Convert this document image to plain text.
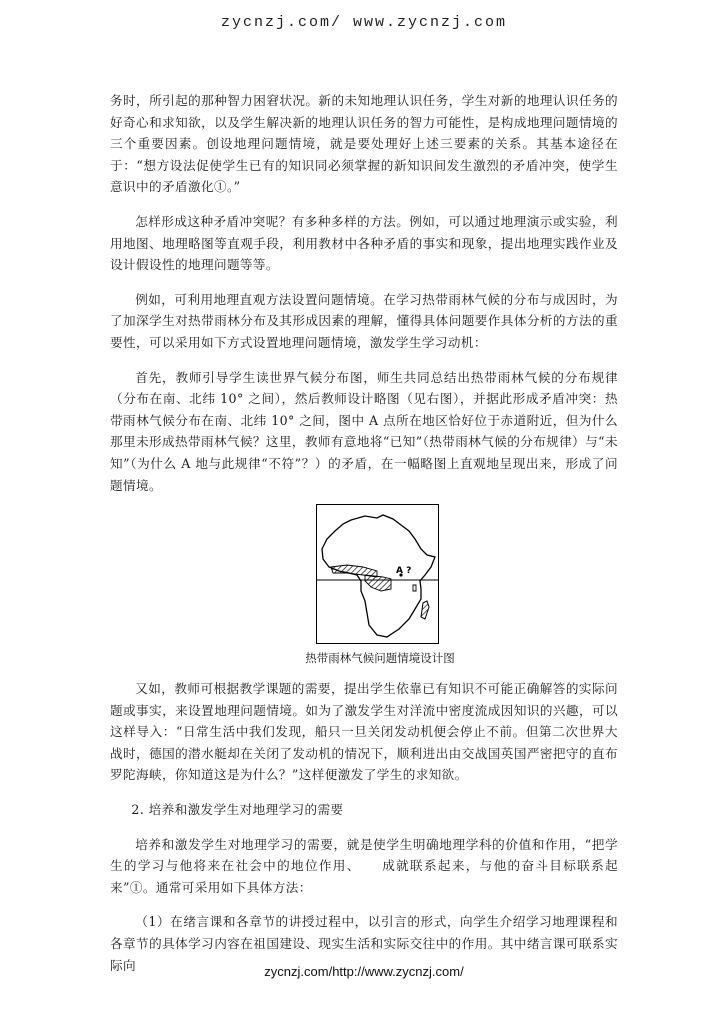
zycnzj.com/ www.zycnzj.com

务时，所引起的那种智力困窘状况。新的未知地理认识任务，学生对新的地理认识任务的好奇心和求知欲，以及学生解决新的地理认识任务的智力可能性，是构成地理问题情境的三个重要因素。创设地理问题情境，就是要处理好上述三要素的关系。其基本途径在于：“想方设法促使学生已有的知识同必须掌握的新知识间发生激烈的矛盾冲突，使学生意识中的矛盾激化①。”

怎样形成这种矛盾冲突呢？有多种多样的方法。例如，可以通过地理演示或实验，利用地图、地理略图等直观手段，利用教材中各种矛盾的事实和现象，提出地理实践作业及设计假设性的地理问题等等。

例如，可利用地理直观方法设置问题情境。在学习热带雨林气候的分布与成因时，为了加深学生对热带雨林分布及其形成因素的理解，懂得具体问题要作具体分析的方法的重要性，可以采用如下方式设置地理问题情境，激发学生学习动机：

首先，教师引导学生读世界气候分布图，师生共同总结出热带雨林气候的分布规律（分布在南、北纬 10° 之间），然后教师设计略图（见右图），并据此形成矛盾冲突：热带雨林气候分布在南、北纬 10° 之间，图中 A 点所在地区恰好位于赤道附近，但为什么那里未形成热带雨林气候？这里，教师有意地将“已知”（热带雨林气候的分布规律）与“未知”（为什么 A 地与此规律“不符”？）的矛盾，在一幅略图上直观地呈现出来，形成了问题情境。

A ?
热带雨林气候问题情境设计图

又如，教师可根据教学课题的需要，提出学生依靠已有知识不可能正确解答的实际问题或事实，来设置地理问题情境。如为了激发学生对洋流中密度流成因知识的兴趣，可以这样导入：“日常生活中我们发现，船只一旦关闭发动机便会停止不前。但第二次世界大战时，德国的潜水艇却在关闭了发动机的情况下，顺利进出由交战国英国严密把守的直布罗陀海峡，你知道这是为什么？”这样便激发了学生的求知欲。

2. 培养和激发学生对地理学习的需要

培养和激发学生对地理学习的需要，就是使学生明确地理学科的价值和作用，“把学生的学习与他将来在社会中的地位作用、　　成就联系起来，与他的奋斗目标联系起来”①。通常可采用如下具体方法：

（1）在绪言课和各章节的讲授过程中，以引言的形式，向学生介绍学习地理课程和各章节的具体学习内容在祖国建设、现实生活和实际交往中的作用。其中绪言课可联系实际向	zycnzj.com/http://www.zycnzj.com/
